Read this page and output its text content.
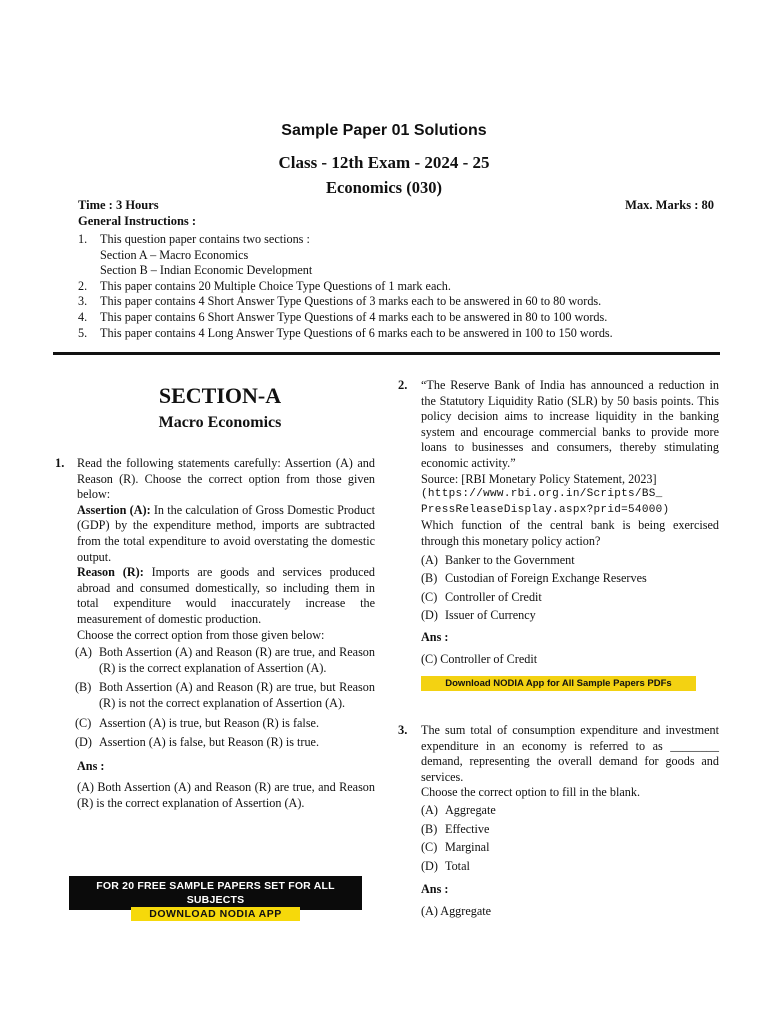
Sample Paper 01 Solutions
Class - 12th Exam - 2024 - 25
Economics (030)
Time : 3 Hours	Max. Marks : 80
General Instructions :
1.	This question paper contains two sections :
Section A – Macro Economics
Section B – Indian Economic Development
2.	This paper contains 20 Multiple Choice Type Questions of 1 mark each.
3.	This paper contains 4 Short Answer Type Questions of 3 marks each to be answered in 60 to 80 words.
4.	This paper contains 6 Short Answer Type Questions of 4 marks each to be answered in 80 to 100 words.
5.	This paper contains 4 Long Answer Type Questions of 6 marks each to be answered in 100 to 150 words.
SECTION-A
Macro Economics
1. Read the following statements carefully: Assertion (A) and Reason (R). Choose the correct option from those given below:
Assertion (A): In the calculation of Gross Domestic Product (GDP) by the expenditure method, imports are subtracted from the total expenditure to avoid overstating the domestic output.
Reason (R): Imports are goods and services produced abroad and consumed domestically, so including them in total expenditure would inaccurately increase the measurement of domestic production.
Choose the correct option from those given below:
(A) Both Assertion (A) and Reason (R) are true, and Reason (R) is the correct explanation of Assertion (A).
(B) Both Assertion (A) and Reason (R) are true, but Reason (R) is not the correct explanation of Assertion (A).
(C) Assertion (A) is true, but Reason (R) is false.
(D) Assertion (A) is false, but Reason (R) is true.
Ans :
(A) Both Assertion (A) and Reason (R) are true, and Reason (R) is the correct explanation of Assertion (A).
FOR 20 FREE SAMPLE PAPERS SET FOR ALL SUBJECTS
DOWNLOAD NODIA APP
2. “The Reserve Bank of India has announced a reduction in the Statutory Liquidity Ratio (SLR) by 50 basis points. This policy decision aims to increase liquidity in the banking system and encourage commercial banks to provide more loans to businesses and consumers, thereby stimulating economic activity.”
Source: [RBI Monetary Policy Statement, 2023]
(https://www.rbi.org.in/Scripts/BS_
PressReleaseDisplay.aspx?prid=54000)
Which function of the central bank is being exercised through this monetary policy action?
(A) Banker to the Government
(B) Custodian of Foreign Exchange Reserves
(C) Controller of Credit
(D) Issuer of Currency
Ans :
(C) Controller of Credit
Download NODIA App for All Sample Papers PDFs
3. The sum total of consumption expenditure and investment expenditure in an economy is referred to as ________ demand, representing the overall demand for goods and services.
Choose the correct option to fill in the blank.
(A) Aggregate
(B) Effective
(C) Marginal
(D) Total
Ans :
(A) Aggregate
